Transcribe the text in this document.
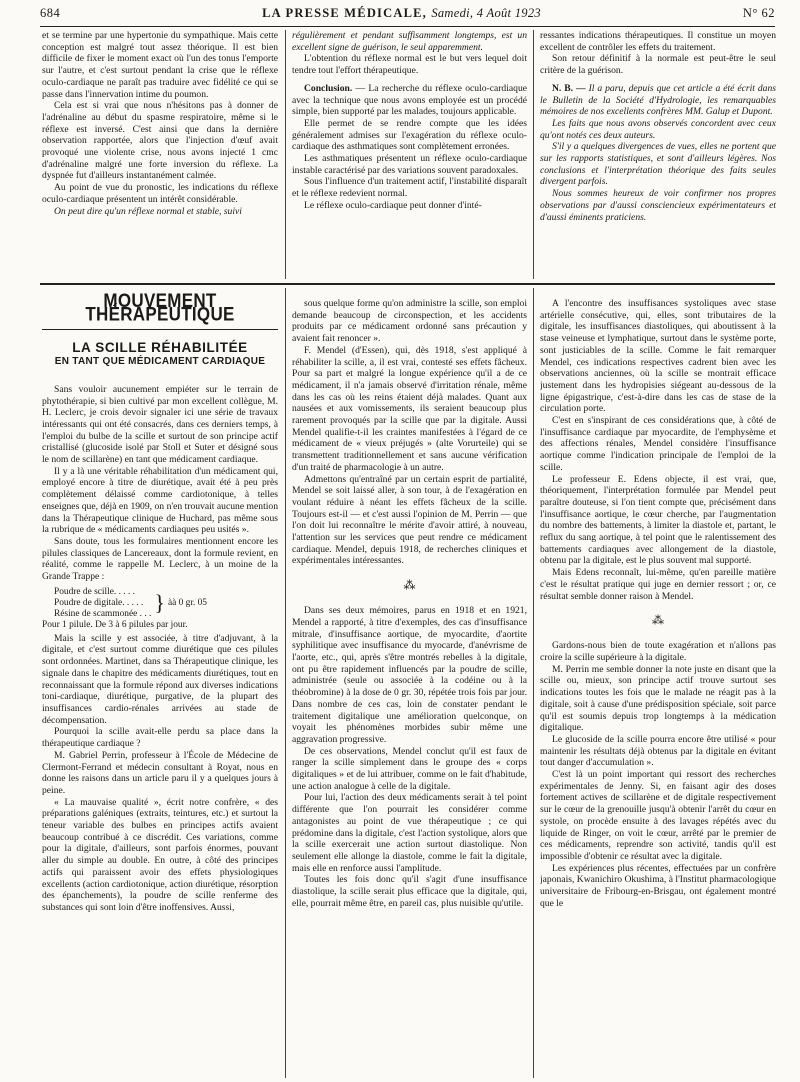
684	LA PRESSE MÉDICALE, Samedi, 4 Août 1923	N° 62

et se termine par une hypertonie du sympathique. Mais cette conception est malgré tout assez théorique. Il est bien difficile de fixer le moment exact où l'un des tonus l'emporte sur l'autre, et c'est surtout pendant la crise que le réflexe oculo-cardiaque ne paraît pas traduire avec fidélité ce qui se passe dans l'innervation intime du poumon.

Cela est si vrai que nous n'hésitons pas à donner de l'adrénaline au début du spasme respiratoire, même si le réflexe est inversé. C'est ainsi que dans la dernière observation rapportée, alors que l'injection d'œuf avait provoqué une violente crise, nous avons injecté 1 cmc d'adrénaline malgré une forte inversion du réflexe. La dyspnée fut d'ailleurs instantanément calmée.

Au point de vue du pronostic, les indications du réflexe oculo-cardiaque présentent un intérêt considérable.

On peut dire qu'un réflexe normal et stable, suivi

régulièrement et pendant suffisamment longtemps, est un excellent signe de guérison, le seul apparemment.

L'obtention du réflexe normal est le but vers lequel doit tendre tout l'effort thérapeutique.

Conclusion. — La recherche du réflexe oculo-cardiaque avec la technique que nous avons employée est un procédé simple, bien supporté par les malades, toujours applicable.

Elle permet de se rendre compte que les idées généralement admises sur l'exagération du réflexe oculo-cardiaque des asthmatiques sont complètement erronées.

Les asthmatiques présentent un réflexe oculo-cardiaque instable caractérisé par des variations souvent paradoxales.

Sous l'influence d'un traitement actif, l'instabilité disparaît et le réflexe redevient normal.

Le réflexe oculo-cardiaque peut donner d'inté-

ressantes indications thérapeutiques. Il constitue un moyen excellent de contrôler les effets du traitement.

Son retour définitif à la normale est peut-être le seul critère de la guérison.

N. B. — Il a paru, depuis que cet article a été écrit dans le Bulletin de la Société d'Hydrologie, les remarquables mémoires de nos excellents confrères MM. Galup et Dupont.

Les faits que nous avons observés concordent avec ceux qu'ont notés ces deux auteurs.

S'il y a quelques divergences de vues, elles ne portent que sur les rapports statistiques, et sont d'ailleurs légères. Nos conclusions et l'interprétation théorique des faits seules divergent parfois.

Nous sommes heureux de voir confirmer nos propres observations par d'aussi consciencieux expérimentateurs et d'aussi éminents praticiens.

MOUVEMENT THÉRAPEUTIQUE
LA SCILLE RÉHABILITÉE
EN TANT QUE MÉDICAMENT CARDIAQUE

Sans vouloir aucunement empiéter sur le terrain de phytothérapie, si bien cultivé par mon excellent collègue, M. H. Leclerc, je crois devoir signaler ici une série de travaux intéressants qui ont été consacrés, dans ces derniers temps, à l'emploi du bulbe de la scille et surtout de son principe actif cristallisé (glucoside isolé par Stoll et Suter et désigné sous le nom de scillarène) en tant que médicament cardiaque.

Il y a là une véritable réhabilitation d'un médicament qui, employé encore à titre de diurétique, avait été à peu près complètement délaissé comme cardiotonique, à telles enseignes que, déjà en 1909, on n'en trouvait aucune mention dans la Thérapeutique clinique de Huchard, pas même sous la rubrique de « médicaments cardiaques peu usités ».

Sans doute, tous les formulaires mentionnent encore les pilules classiques de Lancereaux, dont la formule revient, en réalité, comme le rappelle M. Leclerc, à un moine de la Grande Trappe :

Poudre de scille. . . . .
Poudre de digitale. . . . .
Résine de scammonée . . .	}	àà 0 gr. 05
Pour 1 pilule. De 3 à 6 pilules par jour.

Mais la scille y est associée, à titre d'adjuvant, à la digitale, et c'est surtout comme diurétique que ces pilules sont ordonnées. Martinet, dans sa Thérapeutique clinique, les signale dans le chapitre des médicaments diurétiques, tout en reconnaissant que la formule répond aux diverses indications toni-cardiaque, diurétique, purgative, de la plupart des insuffisances cardio-rénales arrivées au stade de décompensation.

Pourquoi la scille avait-elle perdu sa place dans la thérapeutique cardiaque ?

M. Gabriel Perrin, professeur à l'École de Médecine de Clermont-Ferrand et médecin consultant à Royat, nous en donne les raisons dans un article paru il y a quelques jours à peine.

« La mauvaise qualité », écrit notre confrère, « des préparations galéniques (extraits, teintures, etc.) et surtout la teneur variable des bulbes en principes actifs avaient beaucoup contribué à ce discrédit. Ces variations, comme pour la digitale, d'ailleurs, sont parfois énormes, pouvant aller du simple au double. En outre, à côté des principes actifs qui paraissent avoir des effets physiologiques excellents (action cardiotonique, action diurétique, résorption des épanchements), la poudre de scille renferme des substances qui sont loin d'être inoffensives. Aussi,

sous quelque forme qu'on administre la scille, son emploi demande beaucoup de circonspection, et les accidents produits par ce médicament ordonné sans précaution y avaient fait renoncer ».

F. Mendel (d'Essen), qui, dès 1918, s'est appliqué à réhabiliter la scille, a, il est vrai, contesté ses effets fâcheux. Pour sa part et malgré la longue expérience qu'il a de ce médicament, il n'a jamais observé d'irritation rénale, même dans les cas où les reins étaient déjà malades. Quant aux nausées et aux vomissements, ils seraient beaucoup plus rarement provoqués par la scille que par la digitale. Aussi Mendel qualifie-t-il les craintes manifestées à l'égard de ce médicament de « vieux préjugés » (alte Vorurteile) qui se transmettent traditionnellement et sans aucune vérification d'un traité de pharmacologie à un autre.

Admettons qu'entraîné par un certain esprit de partialité, Mendel se soit laissé aller, à son tour, à de l'exagération en voulant réduire à néant les effets fâcheux de la scille. Toujours est-il — et c'est aussi l'opinion de M. Perrin — que l'on doit lui reconnaître le mérite d'avoir attiré, à nouveau, l'attention sur les services que peut rendre ce médicament cardiaque. Mendel, depuis 1918, de recherches cliniques et expérimentales intéressantes.

⁂

Dans ses deux mémoires, parus en 1918 et en 1921, Mendel a rapporté, à titre d'exemples, des cas d'insuffisance mitrale, d'insuffisance aortique, de myocardite, d'aortite syphilitique avec insuffisance du myocarde, d'anévrisme de l'aorte, etc., qui, après s'être montrés rebelles à la digitale, ont pu être rapidement influencés par la poudre de scille, administrée (seule ou associée à la codéine ou à la théobromine) à la dose de 0 gr. 30, répétée trois fois par jour. Dans nombre de ces cas, loin de constater pendant le traitement digitalique une amélioration quelconque, on voyait les phénomènes morbides subir même une aggravation progressive.

De ces observations, Mendel conclut qu'il est faux de ranger la scille simplement dans le groupe des « corps digitaliques » et de lui attribuer, comme on le fait d'habitude, une action analogue à celle de la digitale.

Pour lui, l'action des deux médicaments serait à tel point différente que l'on pourrait les considérer comme antagonistes au point de vue thérapeutique ; ce qui prédomine dans la digitale, c'est l'action systolique, alors que la scille exercerait une action surtout diastolique. Non seulement elle allonge la diastole, comme le fait la digitale, mais elle en renforce aussi l'amplitude.

Toutes les fois donc qu'il s'agit d'une insuffisance diastolique, la scille serait plus efficace que la digitale, qui, elle, pourrait même être, en pareil cas, plus nuisible qu'utile.

A l'encontre des insuffisances systoliques avec stase artérielle consécutive, qui, elles, sont tributaires de la digitale, les insuffisances diastoliques, qui aboutissent à la stase veineuse et lymphatique, surtout dans le système porte, sont justiciables de la scille. Comme le fait remarquer Mendel, ces indications respectives cadrent bien avec les observations anciennes, où la scille se montrait efficace justement dans les hydropisies siégeant au-dessous de la ligne épigastrique, c'est-à-dire dans les cas de stase de la circulation porte.

C'est en s'inspirant de ces considérations que, à côté de l'insuffisance cardiaque par myocardite, de l'emphysème et des affections rénales, Mendel considère l'insuffisance aortique comme l'indication principale de l'emploi de la scille.

Le professeur E. Edens objecte, il est vrai, que, théoriquement, l'interprétation formulée par Mendel peut paraître douteuse, si l'on tient compte que, précisément dans l'insuffisance aortique, le cœur cherche, par l'augmentation du nombre des battements, à limiter la diastole et, partant, le reflux du sang aortique, à tel point que le ralentissement des battements cardiaques avec allongement de la diastole, obtenu par la digitale, est le plus souvent mal supporté.

Mais Edens reconnaît, lui-même, qu'en pareille matière c'est le résultat pratique qui juge en dernier ressort ; or, ce résultat semble donner raison à Mendel.

⁂

Gardons-nous bien de toute exagération et n'allons pas croire la scille supérieure à la digitale.

M. Perrin me semble donner la note juste en disant que la scille ou, mieux, son principe actif trouve surtout ses indications toutes les fois que le malade ne réagit pas à la digitale, soit à cause d'une prédisposition spéciale, soit parce qu'il est soumis depuis trop longtemps à la médication digitalique.

Le glucoside de la scille pourra encore être utilisé « pour maintenir les résultats déjà obtenus par la digitale en évitant tout danger d'accumulation ».

C'est là un point important qui ressort des recherches expérimentales de Jenny. Si, en faisant agir des doses fortement actives de scillarène et de digitale respectivement sur le cœur de la grenouille jusqu'à obtenir l'arrêt du cœur en systole, on procède ensuite à des lavages répétés avec du liquide de Ringer, on voit le cœur, arrêté par le premier de ces médicaments, reprendre son activité, tandis qu'il est impossible d'obtenir ce résultat avec la digitale.

Les expériences plus récentes, effectuées par un confrère japonais, Kwanichiro Okushima, à l'Institut pharmacologique universitaire de Fribourg-en-Brisgau, ont également montré que le
